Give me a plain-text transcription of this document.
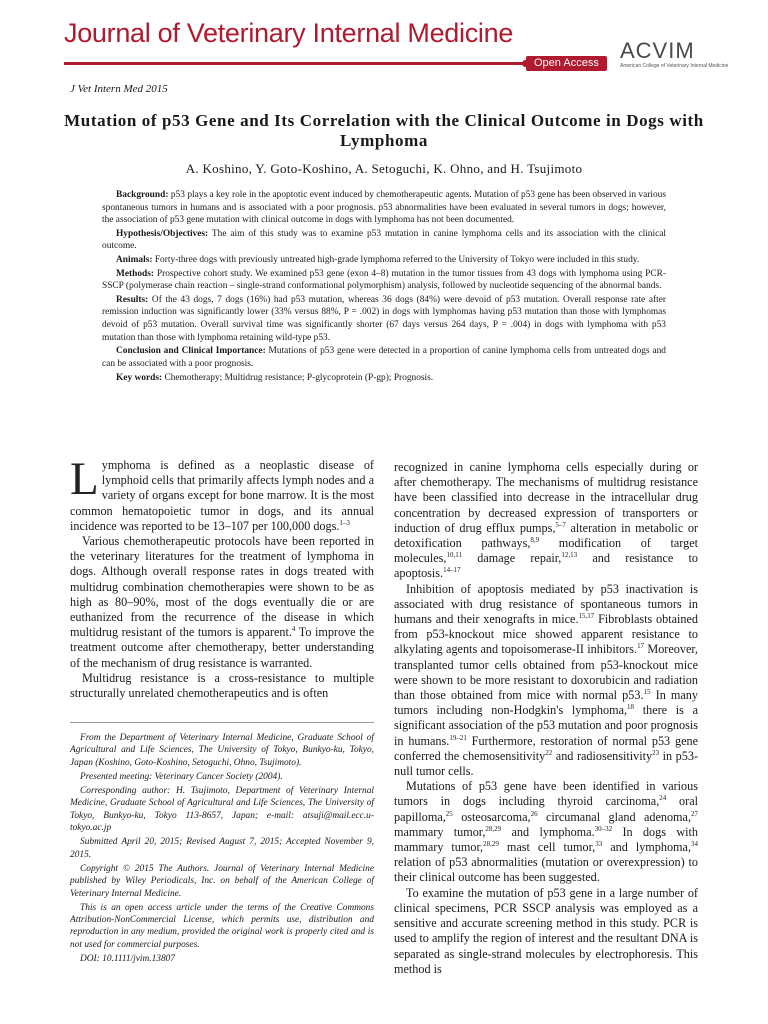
Journal of Veterinary Internal Medicine
Open Access ACVIM
American College of Veterinary Internal Medicine
J Vet Intern Med 2015
Mutation of p53 Gene and Its Correlation with the Clinical Outcome in Dogs with Lymphoma
A. Koshino, Y. Goto-Koshino, A. Setoguchi, K. Ohno, and H. Tsujimoto

Background: p53 plays a key role in the apoptotic event induced by chemotherapeutic agents. Mutation of p53 gene has been observed in various spontaneous tumors in humans and is associated with a poor prognosis. p53 abnormalities have been evaluated in several tumors in dogs; however, the association of p53 gene mutation with clinical outcome in dogs with lymphoma has not been documented.

Hypothesis/Objectives: The aim of this study was to examine p53 mutation in canine lymphoma cells and its association with the clinical outcome.

Animals: Forty-three dogs with previously untreated high-grade lymphoma referred to the University of Tokyo were included in this study.

Methods: Prospective cohort study. We examined p53 gene (exon 4–8) mutation in the tumor tissues from 43 dogs with lymphoma using PCR-SSCP (polymerase chain reaction – single-strand conformational polymorphism) analysis, followed by nucleotide sequencing of the abnormal bands.

Results: Of the 43 dogs, 7 dogs (16%) had p53 mutation, whereas 36 dogs (84%) were devoid of p53 mutation. Overall response rate after remission induction was significantly lower (33% versus 88%, P = .002) in dogs with lymphomas having p53 mutation than those with lymphomas devoid of p53 mutation. Overall survival time was significantly shorter (67 days versus 264 days, P = .004) in dogs with lymphoma with p53 mutation than those with lymphoma retaining wild-type p53.

Conclusion and Clinical Importance: Mutations of p53 gene were detected in a proportion of canine lymphoma cells from untreated dogs and can be associated with a poor prognosis.

Key words: Chemotherapy; Multidrug resistance; P-glycoprotein (P-gp); Prognosis.

Lymphoma is defined as a neoplastic disease of lymphoid cells that primarily affects lymph nodes and a variety of organs except for bone marrow. It is the most common hematopoietic tumor in dogs, and its annual incidence was reported to be 13–107 per 100,000 dogs.$^{1-3}$

Various chemotherapeutic protocols have been reported in the veterinary literatures for the treatment of lymphoma in dogs. Although overall response rates in dogs treated with multidrug combination chemotherapies were shown to be as high as 80–90%, most of the dogs eventually die or are euthanized from the recurrence of the disease in which multidrug resistant of the tumors is apparent.$^4$ To improve the treatment outcome after chemotherapy, better understanding of the mechanism of drug resistance is warranted.

Multidrug resistance is a cross-resistance to multiple structurally unrelated chemotherapeutics and is often

From the Department of Veterinary Internal Medicine, Graduate School of Agricultural and Life Sciences, The University of Tokyo, Bunkyo-ku, Tokyo, Japan (Koshino, Goto-Koshino, Setoguchi, Ohno, Tsujimoto).

Presented meeting: Veterinary Cancer Society (2004).

Corresponding author: H. Tsujimoto, Department of Veterinary Internal Medicine, Graduate School of Agricultural and Life Sciences, The University of Tokyo, Bunkyo-ku, Tokyo 113-8657, Japan; e-mail: atsuji@mail.ecc.u-tokyo.ac.jp

Submitted April 20, 2015; Revised August 7, 2015; Accepted November 9, 2015.

Copyright © 2015 The Authors. Journal of Veterinary Internal Medicine published by Wiley Periodicals, Inc. on behalf of the American College of Veterinary Internal Medicine.

This is an open access article under the terms of the Creative Commons Attribution-NonCommercial License, which permits use, distribution and reproduction in any medium, provided the original work is properly cited and is not used for commercial purposes.

DOI: 10.1111/jvim.13807

recognized in canine lymphoma cells especially during or after chemotherapy. The mechanisms of multidrug resistance have been classified into decrease in the intracellular drug concentration by decreased expression of transporters or induction of drug efflux pumps,$^{5-7}$ alteration in metabolic or detoxification pathways,$^{8,9}$ modification of target molecules,$^{10,11}$ damage repair,$^{12,13}$ and resistance to apoptosis.$^{14-17}$

Inhibition of apoptosis mediated by p53 inactivation is associated with drug resistance of spontaneous tumors in humans and their xenografts in mice.$^{15,17}$ Fibroblasts obtained from p53-knockout mice showed apparent resistance to alkylating agents and topoisomerase-II inhibitors.$^{17}$ Moreover, transplanted tumor cells obtained from p53-knockout mice were shown to be more resistant to doxorubicin and radiation than those obtained from mice with normal p53.15 In many tumors including non-Hodgkin's lymphoma,$^{18}$ there is a significant association of the p53 mutation and poor prognosis in humans.$^{19-21}$ Furthermore, restoration of normal p53 gene conferred the chemosensitivity$^{22}$ and radiosensitivity$^{23}$ in p53-null tumor cells.

Mutations of p53 gene have been identified in various tumors in dogs including thyroid carcinoma,$^{24}$ oral papilloma,$^{25}$ osteosarcoma,$^{26}$ circumanal gland adenoma,$^{27}$ mammary tumor,$^{28,29}$ and lymphoma.$^{30-32}$ In dogs with mammary tumor,$^{28,29}$ mast cell tumor,$^{33}$ and lymphoma,$^{34}$ relation of p53 abnormalities (mutation or overexpression) to their clinical outcome has been suggested.

To examine the mutation of p53 gene in a large number of clinical specimens, PCR SSCP analysis was employed as a sensitive and accurate screening method in this study. PCR is used to amplify the region of interest and the resultant DNA is separated as single-strand molecules by electrophoresis. This method is
